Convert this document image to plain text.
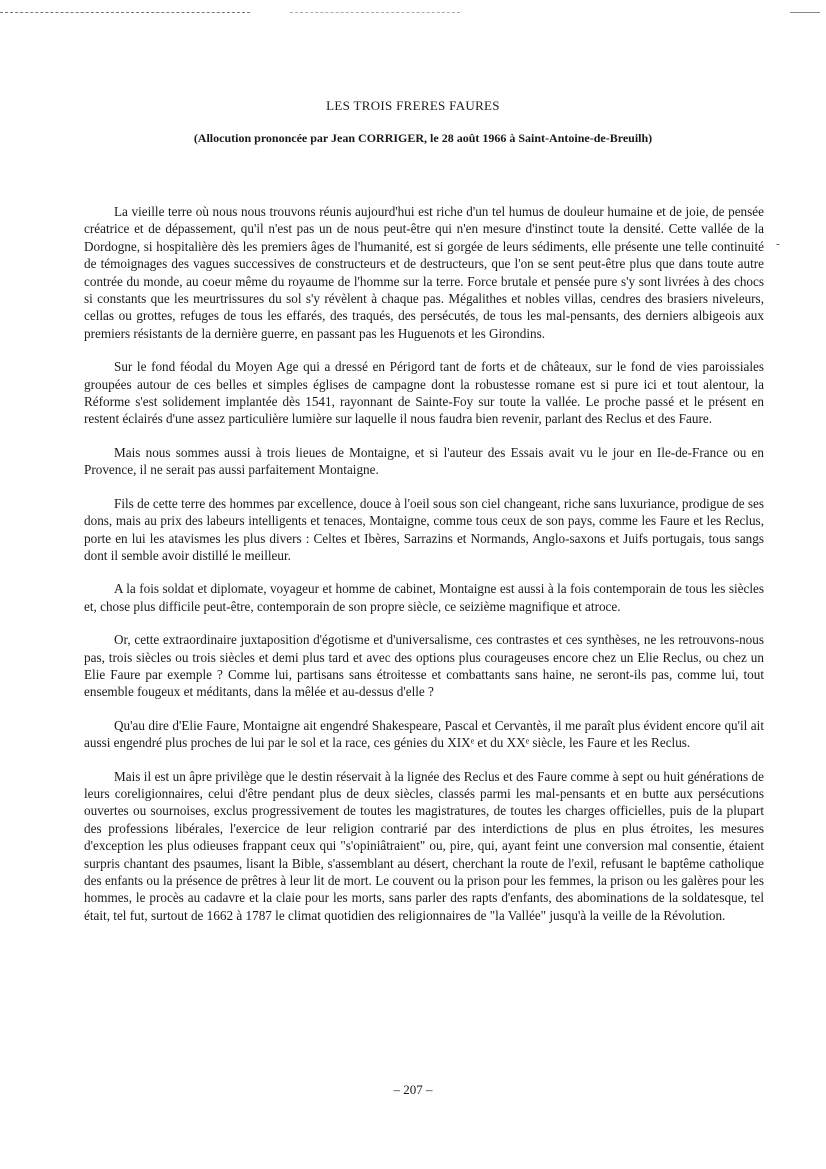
LES TROIS FRERES FAURES
(Allocution prononcée par Jean CORRIGER, le 28 août 1966 à Saint-Antoine-de-Breuilh)
-

La vieille terre où nous nous trouvons réunis aujourd'hui est riche d'un tel humus de douleur humaine et de joie, de pensée créatrice et de dépassement, qu'il n'est pas un de nous peut-être qui n'en mesure d'instinct toute la densité. Cette vallée de la Dordogne, si hospitalière dès les premiers âges de l'humanité, est si gorgée de leurs sédiments, elle présente une telle continuité de témoignages des vagues successives de constructeurs et de destructeurs, que l'on se sent peut-être plus que dans toute autre contrée du monde, au coeur même du royaume de l'homme sur la terre. Force brutale et pensée pure s'y sont livrées à des chocs si constants que les meurtrissures du sol s'y révèlent à chaque pas. Mégalithes et nobles villas, cendres des brasiers niveleurs, cellas ou grottes, refuges de tous les effarés, des traqués, des persécutés, de tous les mal-pensants, des derniers albigeois aux premiers résistants de la dernière guerre, en passant pas les Huguenots et les Girondins.

Sur le fond féodal du Moyen Age qui a dressé en Périgord tant de forts et de châteaux, sur le fond de vies paroissiales groupées autour de ces belles et simples églises de campagne dont la robustesse romane est si pure ici et tout alentour, la Réforme s'est solidement implantée dès 1541, rayonnant de Sainte-Foy sur toute la vallée. Le proche passé et le présent en restent éclairés d'une assez particulière lumière sur laquelle il nous faudra bien revenir, parlant des Reclus et des Faure.

Mais nous sommes aussi à trois lieues de Montaigne, et si l'auteur des Essais avait vu le jour en Ile-de-France ou en Provence, il ne serait pas aussi parfaitement Montaigne.

Fils de cette terre des hommes par excellence, douce à l'oeil sous son ciel changeant, riche sans luxuriance, prodigue de ses dons, mais au prix des labeurs intelligents et tenaces, Montaigne, comme tous ceux de son pays, comme les Faure et les Reclus, porte en lui les atavismes les plus divers : Celtes et Ibères, Sarrazins et Normands, Anglo-saxons et Juifs portugais, tous sangs dont il semble avoir distillé le meilleur.

A la fois soldat et diplomate, voyageur et homme de cabinet, Montaigne est aussi à la fois contemporain de tous les siècles et, chose plus difficile peut-être, contemporain de son propre siècle, ce seizième magnifique et atroce.

Or, cette extraordinaire juxtaposition d'égotisme et d'universalisme, ces contrastes et ces synthèses, ne les retrouvons-nous pas, trois siècles ou trois siècles et demi plus tard et avec des options plus courageuses encore chez un Elie Reclus, ou chez un Elie Faure par exemple ? Comme lui, partisans sans étroitesse et combattants sans haine, ne seront-ils pas, comme lui, tout ensemble fougeux et méditants, dans la mêlée et au-dessus d'elle ?

Qu'au dire d'Elie Faure, Montaigne ait engendré Shakespeare, Pascal et Cervantès, il me paraît plus évident encore qu'il ait aussi engendré plus proches de lui par le sol et la race, ces génies du XIXᵉ et du XXᵉ siècle, les Faure et les Reclus.

Mais il est un âpre privilège que le destin réservait à la lignée des Reclus et des Faure comme à sept ou huit générations de leurs coreligionnaires, celui d'être pendant plus de deux siècles, classés parmi les mal-pensants et en butte aux persécutions ouvertes ou sournoises, exclus progressivement de toutes les magistratures, de toutes les charges officielles, puis de la plupart des professions libérales, l'exercice de leur religion contrarié par des interdictions de plus en plus étroites, les mesures d'exception les plus odieuses frappant ceux qui "s'opiniâtraient" ou, pire, qui, ayant feint une conversion mal consentie, étaient surpris chantant des psaumes, lisant la Bible, s'assemblant au désert, cherchant la route de l'exil, refusant le baptême catholique des enfants ou la présence de prêtres à leur lit de mort. Le couvent ou la prison pour les femmes, la prison ou les galères pour les hommes, le procès au cadavre et la claie pour les morts, sans parler des rapts d'enfants, des abominations de la soldatesque, tel était, tel fut, surtout de 1662 à 1787 le climat quotidien des religionnaires de "la Vallée" jusqu'à la veille de la Révolution.

– 207 –
